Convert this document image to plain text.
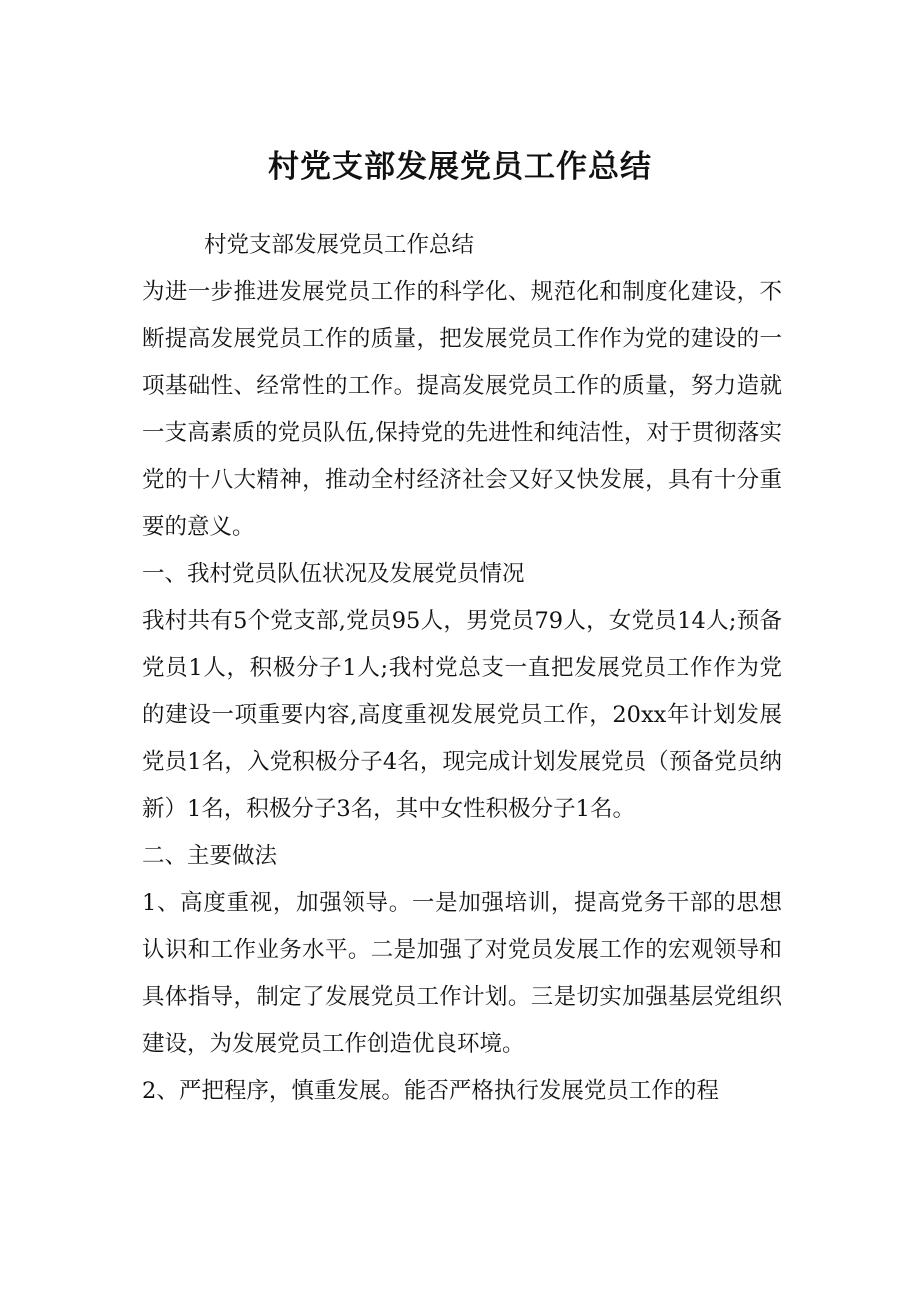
村党支部发展党员工作总结

村党支部发展党员工作总结

为进一步推进发展党员工作的科学化、规范化和制度化建设，不断提高发展党员工作的质量，把发展党员工作作为党的建设的一项基础性、经常性的工作。提高发展党员工作的质量，努力造就一支高素质的党员队伍,保持党的先进性和纯洁性，对于贯彻落实党的十八大精神，推动全村经济社会又好又快发展，具有十分重要的意义。

一、我村党员队伍状况及发展党员情况

我村共有5个党支部,党员95人，男党员79人，女党员14人;预备党员1人，积极分子1人;我村党总支一直把发展党员工作作为党的建设一项重要内容,高度重视发展党员工作，20xx年计划发展党员1名，入党积极分子4名，现完成计划发展党员（预备党员纳新）1名，积极分子3名，其中女性积极分子1名。

二、主要做法

1、高度重视，加强领导。一是加强培训，提高党务干部的思想认识和工作业务水平。二是加强了对党员发展工作的宏观领导和具体指导，制定了发展党员工作计划。三是切实加强基层党组织建设，为发展党员工作创造优良环境。

2、严把程序，慎重发展。能否严格执行发展党员工作的程
